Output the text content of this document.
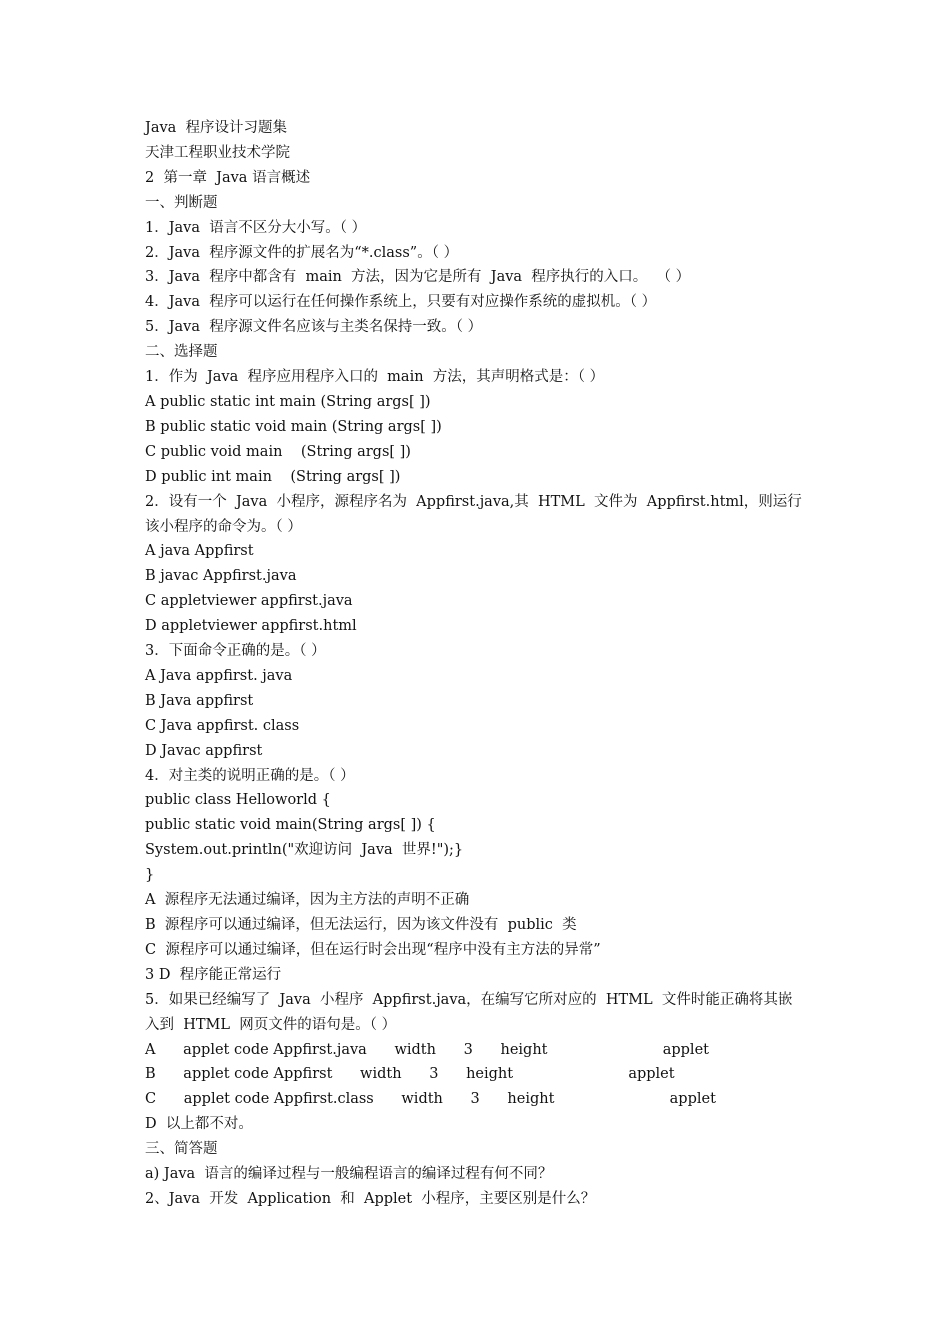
Java  程序设计习题集
天津工程职业技术学院
2  第一章  Java 语言概述
一、判断题
1．Java  语言不区分大小写。（ ）
2．Java  程序源文件的扩展名为“*.class”。（ ）
3．Java  程序中都含有  main  方法，因为它是所有  Java  程序执行的入口。  （ ）
4．Java  程序可以运行在任何操作系统上，只要有对应操作系统的虚拟机。（ ）
5．Java  程序源文件名应该与主类名保持一致。（ ）
二、选择题
1．作为  Java  程序应用程序入口的  main  方法，其声明格式是：（ ）
A public static int main (String args[ ])
B public static void main (String args[ ])
C public void main    (String args[ ])
D public int main    (String args[ ])
2．设有一个  Java  小程序，源程序名为  Appfirst.java,其  HTML  文件为  Appfirst.html，则运行该小程序的命令为。（ ）
A java Appfirst
B javac Appfirst.java
C appletviewer appfirst.java
D appletviewer appfirst.html
3．下面命令正确的是。（ ）
A Java appfirst. java
B Java appfirst
C Java appfirst. class
D Javac appfirst
4．对主类的说明正确的是。（ ）
public class Helloworld {
public static void main(String args[ ]) {
System.out.println("欢迎访问  Java  世界!");}
}
A  源程序无法通过编译，因为主方法的声明不正确
B  源程序可以通过编译，但无法运行，因为该文件没有  public  类
C  源程序可以通过编译，但在运行时会出现“程序中没有主方法的异常”
3 D  程序能正常运行
5．如果已经编写了  Java  小程序  Appfirst.java，在编写它所对应的  HTML  文件时能正确将其嵌入到  HTML  网页文件的语句是。（ ）
A      applet code Appfirst.java      width      3      height                         applet
B      applet code Appfirst      width      3      height                         applet
C      applet code Appfirst.class      width      3      height                         applet
D  以上都不对。
三、简答题
a) Java  语言的编译过程与一般编程语言的编译过程有何不同？
2、Java  开发  Application  和  Applet  小程序，主要区别是什么？
